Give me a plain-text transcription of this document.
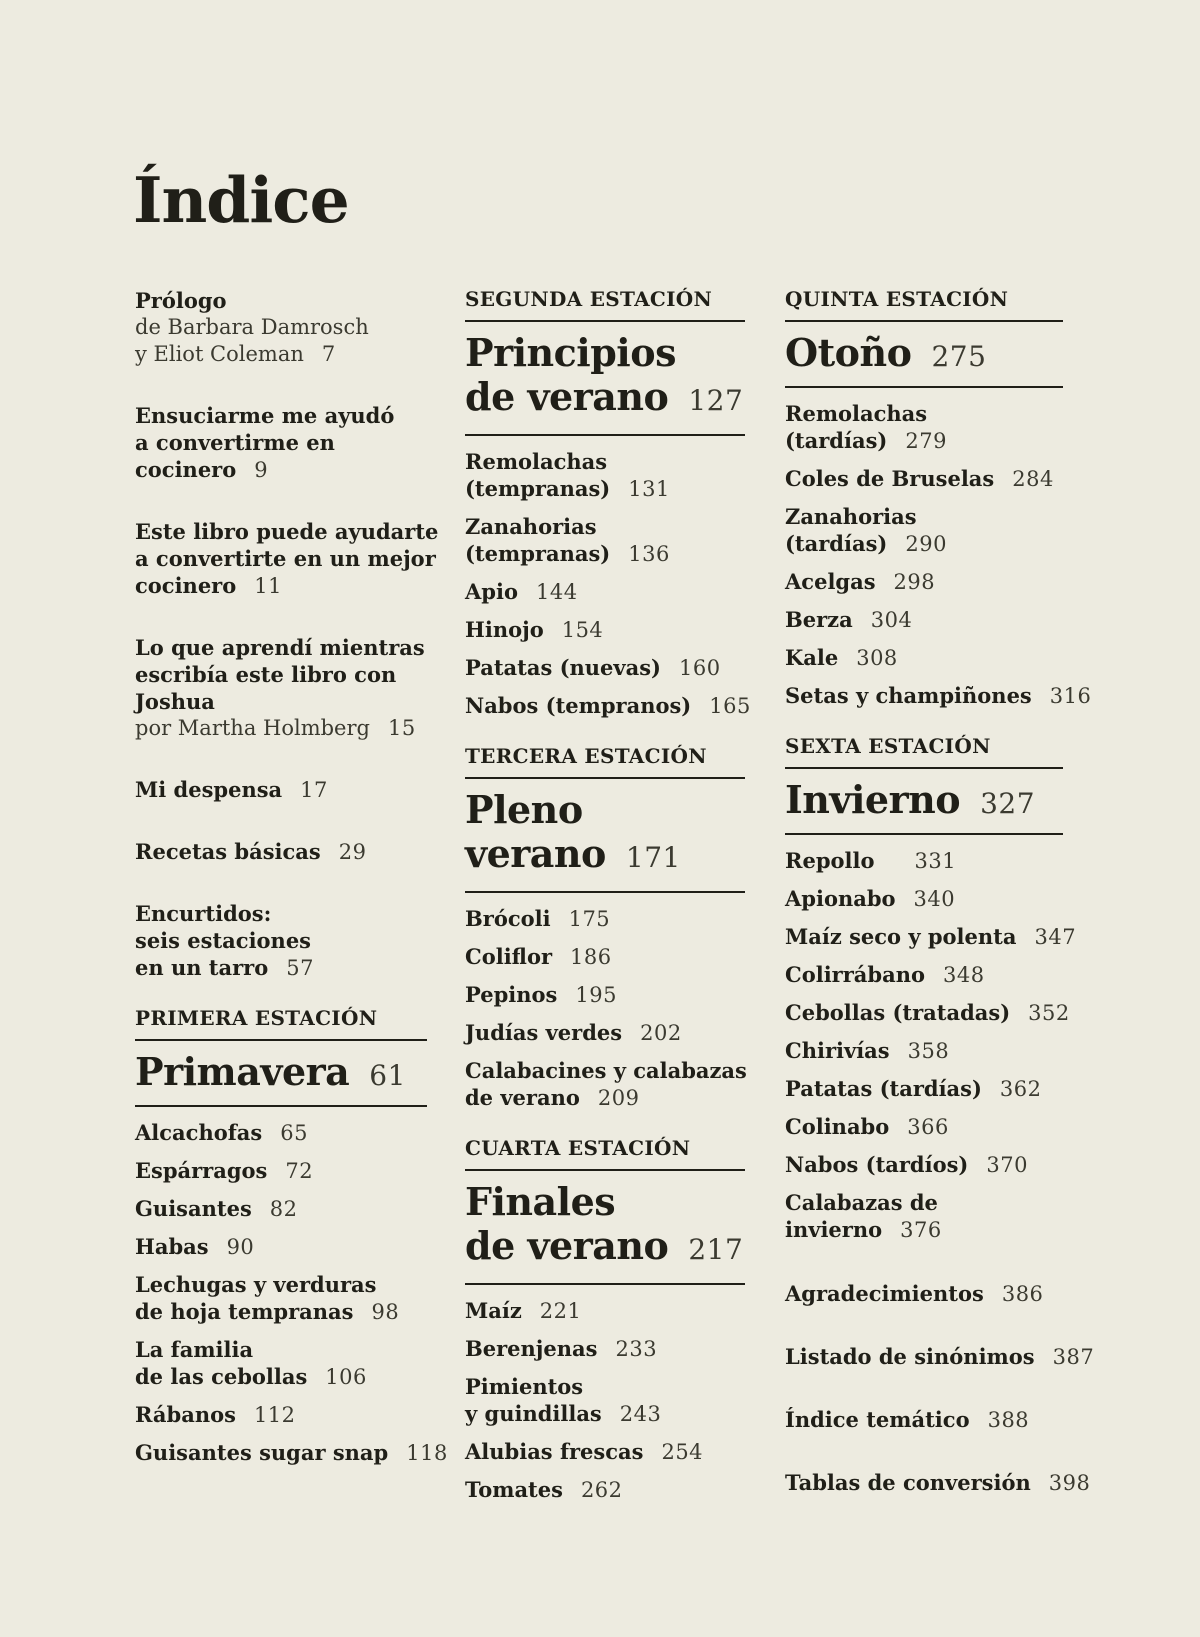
Índice
Prólogo
de Barbara Damrosch
y Eliot Coleman 7
Ensuciarme me ayudó
a convertirme en
cocinero 9
Este libro puede ayudarte
a convertirte en un mejor
cocinero 11
Lo que aprendí mientras
escribía este libro con
Joshua
por Martha Holmberg 15
Mi despensa 17
Recetas básicas 29
Encurtidos:
seis estaciones
en un tarro 57
PRIMERA ESTACIÓN
Primavera 61
Alcachofas 65
Espárragos 72
Guisantes 82
Habas 90
Lechugas y verduras
de hoja tempranas 98
La familia
de las cebollas 106
Rábanos 112
Guisantes sugar snap 118
SEGUNDA ESTACIÓN
Principios
de verano 127
Remolachas
(tempranas) 131
Zanahorias
(tempranas) 136
Apio 144
Hinojo 154
Patatas (nuevas) 160
Nabos (tempranos) 165
TERCERA ESTACIÓN
Pleno
verano 171
Brócoli 175
Coliflor 186
Pepinos 195
Judías verdes 202
Calabacines y calabazas
de verano 209
CUARTA ESTACIÓN
Finales
de verano 217
Maíz 221
Berenjenas 233
Pimientos
y guindillas 243
Alubias frescas 254
Tomates 262
QUINTA ESTACIÓN
Otoño 275
Remolachas
(tardías) 279
Coles de Bruselas 284
Zanahorias
(tardías) 290
Acelgas 298
Berza 304
Kale 308
Setas y champiñones 316
SEXTA ESTACIÓN
Invierno 327
Repollo 331
Apionabo 340
Maíz seco y polenta 347
Colirrábano 348
Cebollas (tratadas) 352
Chirivías 358
Patatas (tardías) 362
Colinabo 366
Nabos (tardíos) 370
Calabazas de
invierno 376
Agradecimientos 386
Listado de sinónimos 387
Índice temático 388
Tablas de conversión 398
